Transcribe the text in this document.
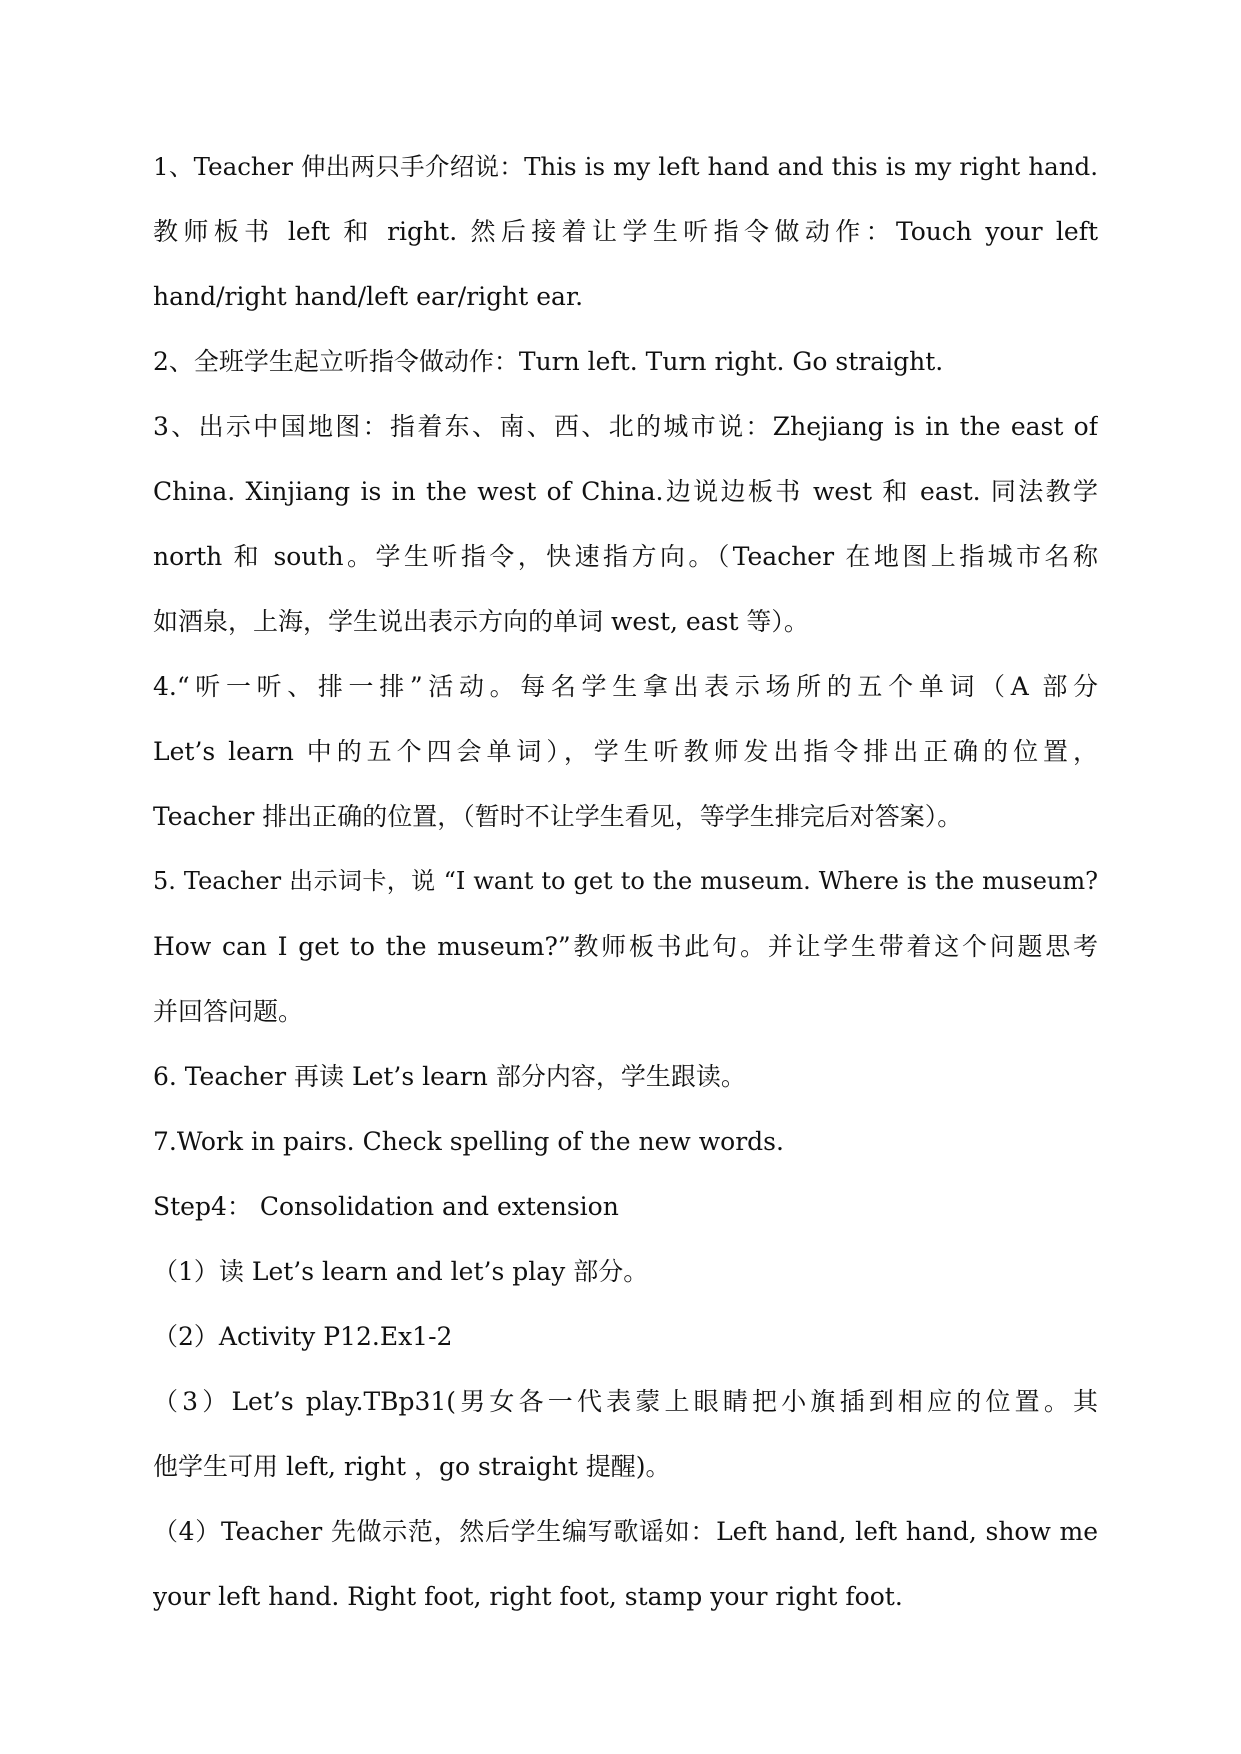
1、Teacher 伸出两只手介绍说：This is my left hand and this is my right hand.
教师板书 left 和 right. 然后接着让学生听指令做动作：Touch your left
hand/right hand/left ear/right ear.
2、全班学生起立听指令做动作：Turn left. Turn right. Go straight.
3、出示中国地图：指着东、南、西、北的城市说：Zhejiang is in the east of
China. Xinjiang is in the west of China.边说边板书 west 和 east. 同法教学
north 和 south。学生听指令，快速指方向。（Teacher 在地图上指城市名称
如酒泉，上海，学生说出表示方向的单词 west, east 等）。
4.“听一听、排一排”活动。每名学生拿出表示场所的五个单词（A 部分
Let’s learn 中的五个四会单词），学生听教师发出指令排出正确的位置，
Teacher 排出正确的位置，（暂时不让学生看见，等学生排完后对答案）。
5. Teacher 出示词卡，说 “I want to get to the museum. Where is the museum?
How can I get to the museum?”教师板书此句。并让学生带着这个问题思考
并回答问题。
6. Teacher 再读 Let’s learn 部分内容，学生跟读。
7.Work in pairs. Check spelling of the new words.
Step4： Consolidation and extension
（1）读 Let’s learn and let’s play 部分。
（2）Activity P12.Ex1-2
（3）Let’s play.TBp31(男女各一代表蒙上眼睛把小旗插到相应的位置。其
他学生可用 left, right ，go straight 提醒)。
（4）Teacher 先做示范，然后学生编写歌谣如：Left hand, left hand, show me
your left hand. Right foot, right foot, stamp your right foot.
